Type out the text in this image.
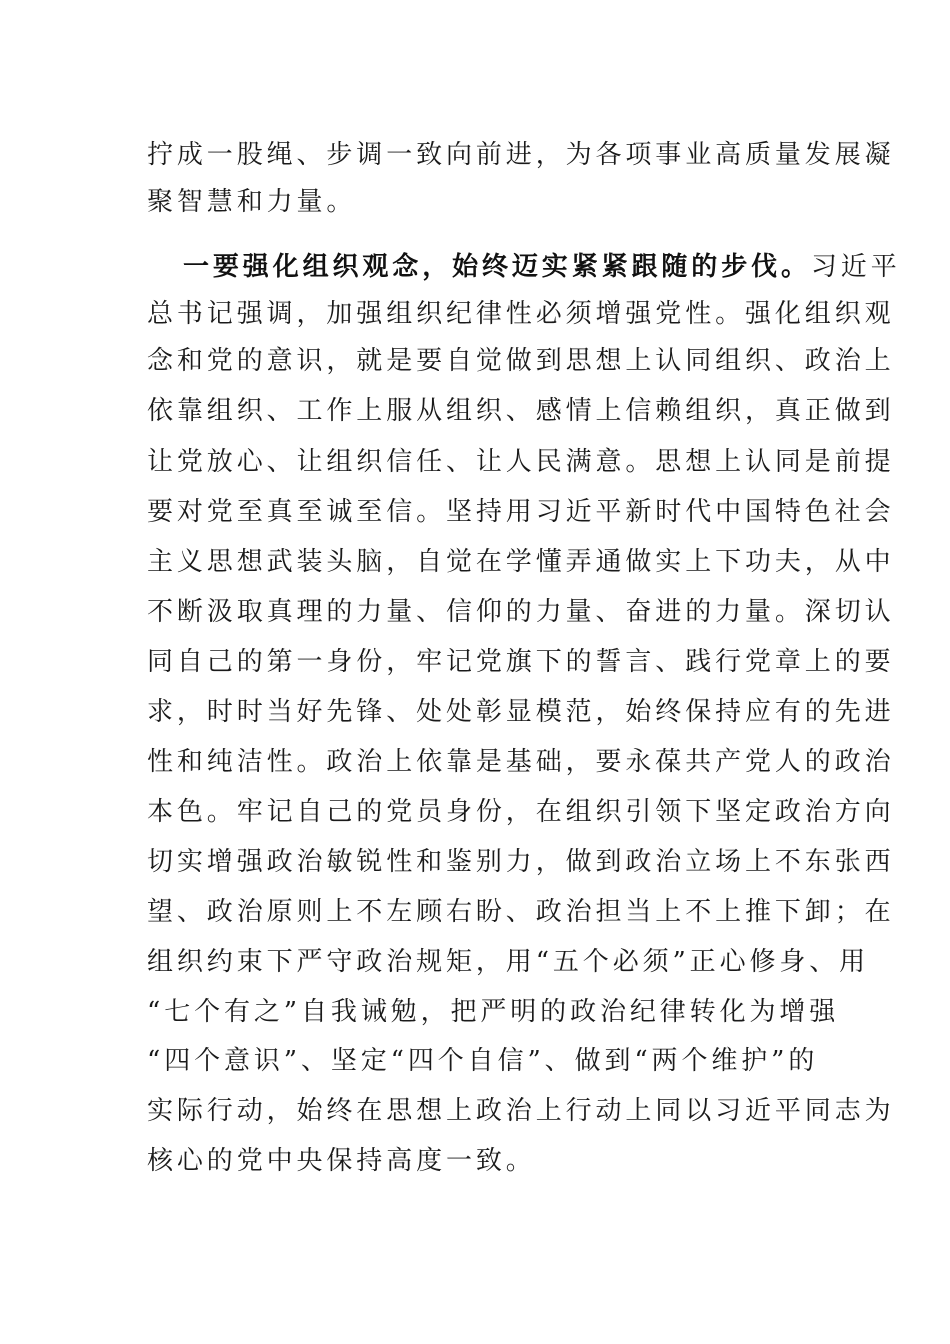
拧成一股绳、步调一致向前进，为各项事业高质量发展凝
聚智慧和力量。
一要强化组织观念，始终迈实紧紧跟随的步伐。习近平
总书记强调，加强组织纪律性必须增强党性。强化组织观
念和党的意识，就是要自觉做到思想上认同组织、政治上
依靠组织、工作上服从组织、感情上信赖组织，真正做到
让党放心、让组织信任、让人民满意。思想上认同是前提
要对党至真至诚至信。坚持用习近平新时代中国特色社会
主义思想武装头脑，自觉在学懂弄通做实上下功夫，从中
不断汲取真理的力量、信仰的力量、奋进的力量。深切认
同自己的第一身份，牢记党旗下的誓言、践行党章上的要
求，时时当好先锋、处处彰显模范，始终保持应有的先进
性和纯洁性。政治上依靠是基础，要永葆共产党人的政治
本色。牢记自己的党员身份，在组织引领下坚定政治方向
切实增强政治敏锐性和鉴别力，做到政治立场上不东张西
望、政治原则上不左顾右盼、政治担当上不上推下卸；在
组织约束下严守政治规矩，用“五个必须”正心修身、用
“七个有之”自我诫勉，把严明的政治纪律转化为增强
“四个意识”、坚定“四个自信”、做到“两个维护”的
实际行动，始终在思想上政治上行动上同以习近平同志为
核心的党中央保持高度一致。
